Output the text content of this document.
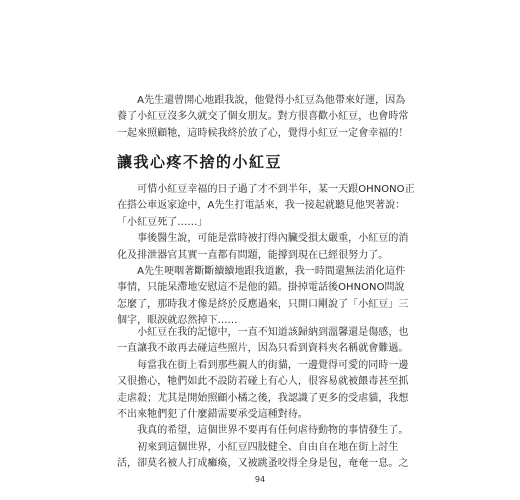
　　A先生還曾開心地跟我說，他覺得小紅豆為他帶來好運，因為
養了小紅豆沒多久就交了個女朋友。對方很喜歡小紅豆，也會時常
一起來照顧牠，這時候我終於放了心，覺得小紅豆一定會幸福的！
讓我心疼不捨的小紅豆
　　可惜小紅豆幸福的日子過了才不到半年，某一天跟OHNONO正
在搭公車返家途中，A先生打電話來，我一接起就聽見他哭著說：
「小紅豆死了……」
　　事後醫生說，可能是當時被打得內臟受損太嚴重，小紅豆的消
化及排泄器官其實一直都有問題，能撐到現在已經很努力了。
　　A先生哽咽著斷斷續續地跟我道歉，我一時間還無法消化這件
事情，只能呆滯地安慰這不是他的錯。掛掉電話後OHNONO問說
怎麼了，那時我才像是終於反應過來，只開口剛說了「小紅豆」三
個字，眼淚就忍然掉下……
　　小紅豆在我的記憶中，一直不知道該歸納到溫馨還是傷感，也
一直讓我不敢再去碰這些照片，因為只看到資料夾名稱就會難過。
　　每當我在街上看到那些親人的街貓，一邊覺得可愛的同時一邊
又很擔心，牠們如此不設防若碰上有心人，很容易就被餵毒甚至抓
走虐殺；尤其是開始照顧小橘之後，我認識了更多的受虐貓，我想
不出來牠們犯了什麼錯需要承受這種對待。
　　我真的希望，這個世界不要再有任何虐待動物的事情發生了。
　　初來到這個世界，小紅豆四肢健全、自由自在地在街上討生
活，卻莫名被人打成癱瘓，又被跳蚤咬得全身是包，奄奄一息。之
94
